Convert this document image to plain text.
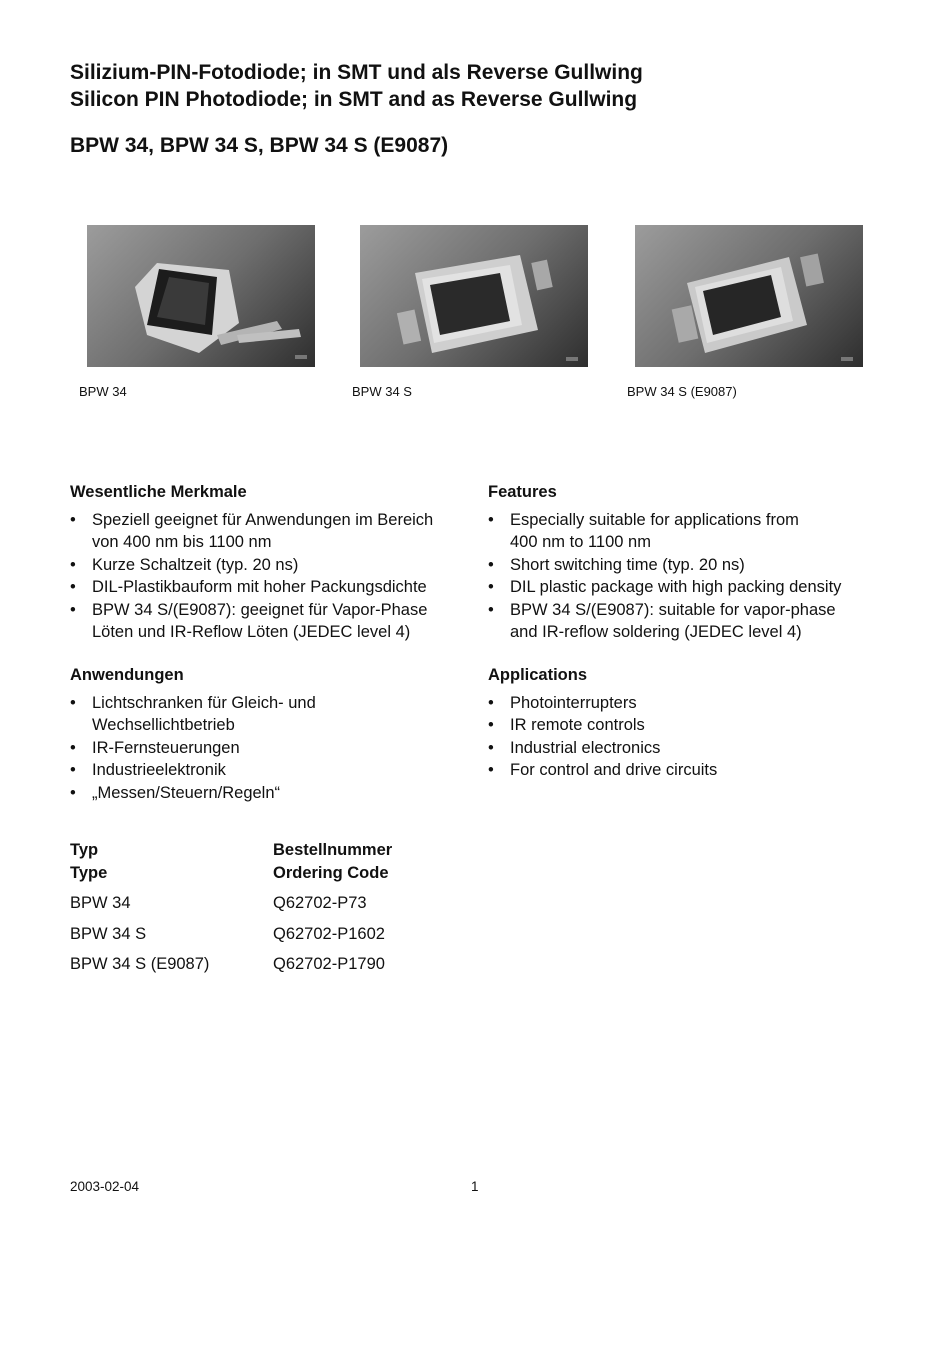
Silizium-PIN-Fotodiode; in SMT und als Reverse Gullwing
Silicon PIN Photodiode; in SMT and as Reverse Gullwing
BPW 34, BPW 34 S, BPW 34 S (E9087)
BPW 34	BPW 34 S	BPW 34 S (E9087)
Wesentliche Merkmale
• Speziell geeignet für Anwendungen im Bereich
von 400 nm bis 1100 nm
• Kurze Schaltzeit (typ. 20 ns)
• DIL-Plastikbauform mit hoher Packungsdichte
• BPW 34 S/(E9087): geeignet für Vapor-Phase
Löten und IR-Reflow Löten (JEDEC level 4)
Features
• Especially suitable for applications from
400 nm to 1100 nm
• Short switching time (typ. 20 ns)
• DIL plastic package with high packing density
• BPW 34 S/(E9087): suitable for vapor-phase
and IR-reflow soldering (JEDEC level 4)
Anwendungen
• Lichtschranken für Gleich- und
Wechsellichtbetrieb
• IR-Fernsteuerungen
• Industrieelektronik
• „Messen/Steuern/Regeln“
Applications
• Photointerrupters
• IR remote controls
• Industrial electronics
• For control and drive circuits
Typ	Bestellnummer
Type	Ordering Code
BPW 34	Q62702-P73
BPW 34 S	Q62702-P1602
BPW 34 S (E9087)	Q62702-P1790
2003-02-04	1
